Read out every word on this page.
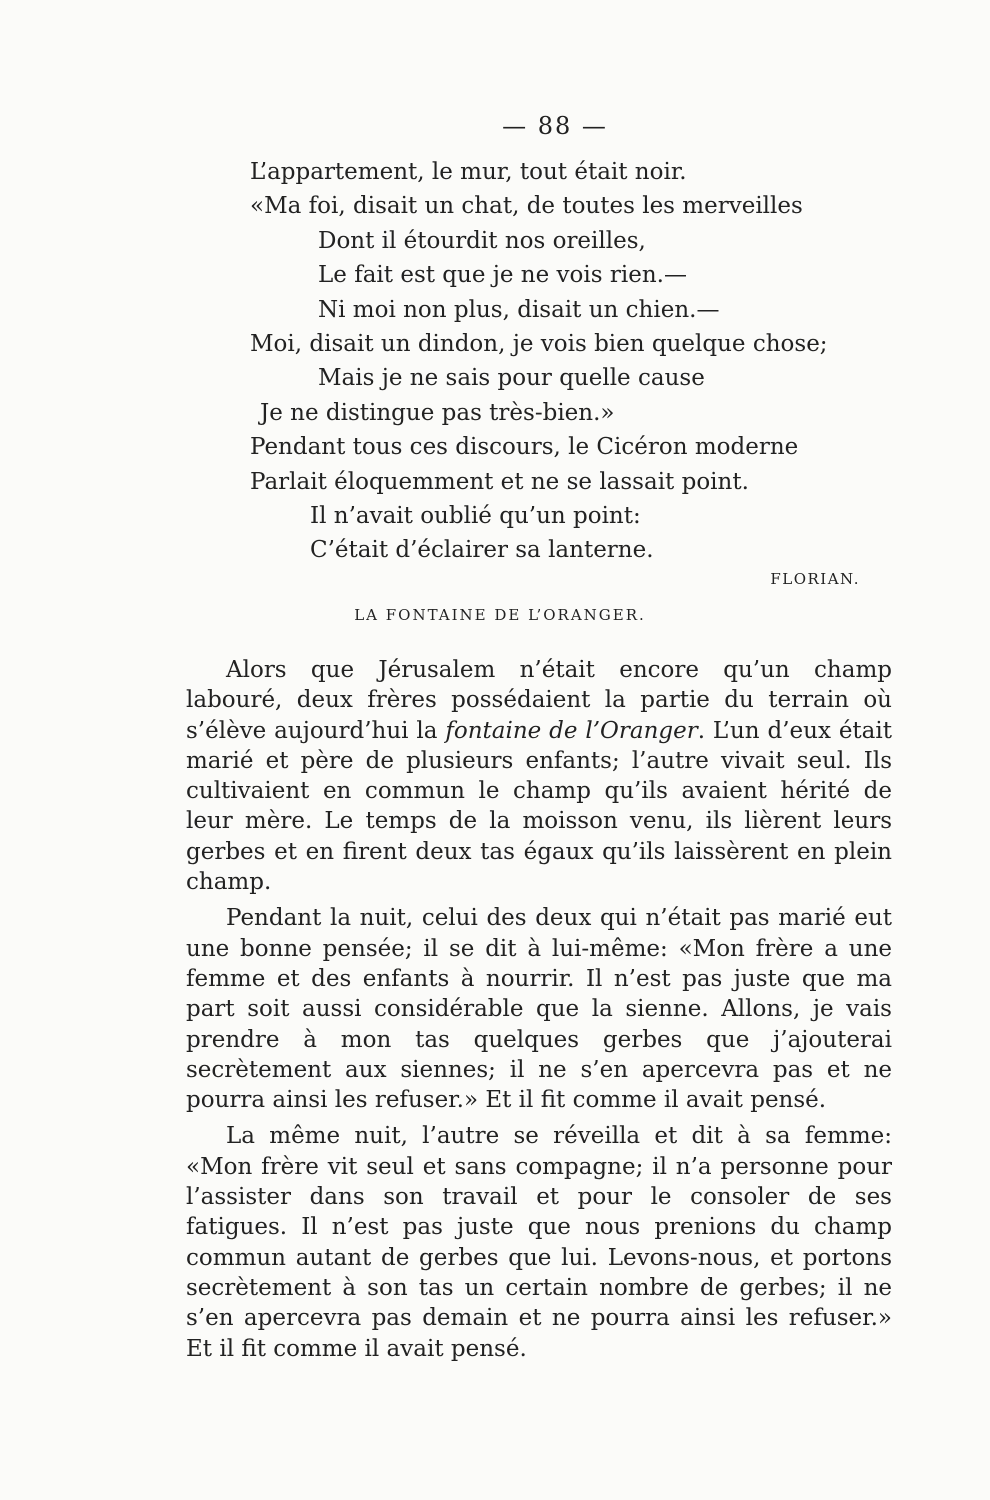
— 88 —
L’appartement, le mur, tout était noir.
«Ma foi, disait un chat, de toutes les merveilles
Dont il étourdit nos oreilles,
Le fait est que je ne vois rien.—
Ni moi non plus, disait un chien.—
Moi, disait un dindon, je vois bien quelque chose;
Mais je ne sais pour quelle cause
Je ne distingue pas très-bien.»
Pendant tous ces discours, le Cicéron moderne
Parlait éloquemment et ne se lassait point.
Il n’avait oublié qu’un point:
C’était d’éclairer sa lanterne.
FLORIAN.
LA FONTAINE DE L’ORANGER.

Alors que Jérusalem n’était encore qu’un champ labouré, deux frères possédaient la partie du terrain où s’élève aujourd’hui la fontaine de l’Oranger. L’un d’eux était marié et père de plusieurs enfants; l’autre vivait seul. Ils cultivaient en commun le champ qu’ils avaient hérité de leur mère. Le temps de la moisson venu, ils lièrent leurs gerbes et en firent deux tas égaux qu’ils laissèrent en plein champ.

Pendant la nuit, celui des deux qui n’était pas marié eut une bonne pensée; il se dit à lui-même: «Mon frère a une femme et des enfants à nourrir. Il n’est pas juste que ma part soit aussi considérable que la sienne. Allons, je vais prendre à mon tas quelques gerbes que j’ajouterai secrètement aux siennes; il ne s’en apercevra pas et ne pourra ainsi les refuser.» Et il fit comme il avait pensé.

La même nuit, l’autre se réveilla et dit à sa femme: «Mon frère vit seul et sans compagne; il n’a personne pour l’assister dans son travail et pour le consoler de ses fatigues. Il n’est pas juste que nous prenions du champ commun autant de gerbes que lui. Levons-nous, et portons secrètement à son tas un certain nombre de gerbes; il ne s’en apercevra pas demain et ne pourra ainsi les refuser.» Et il fit comme il avait pensé.
